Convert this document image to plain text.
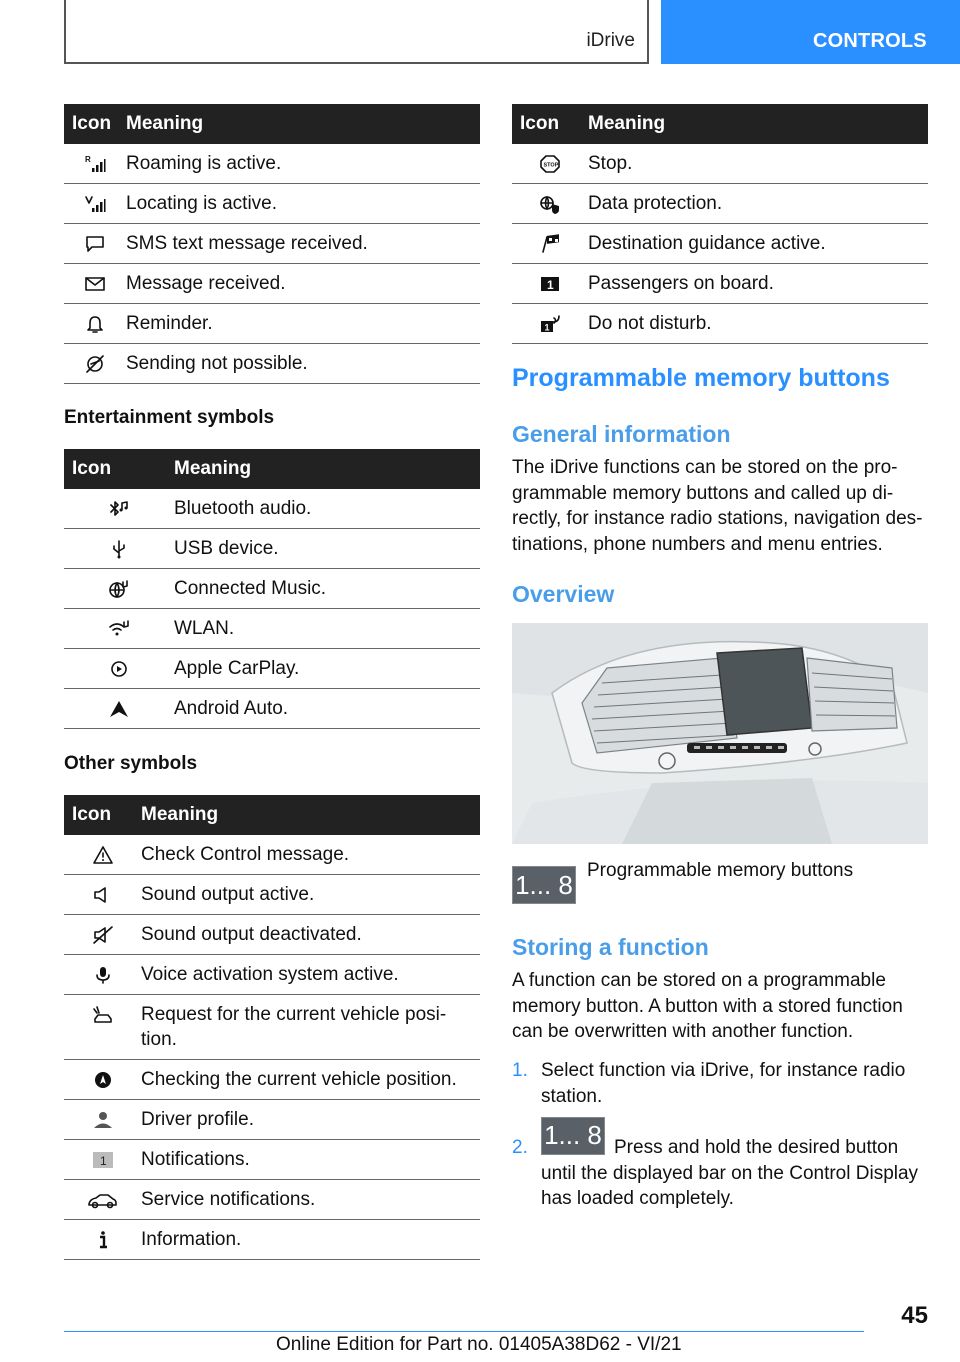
iDrive	CONTROLS
Icon Meaning
R Roaming is active.
Locating is active.
SMS text message received.
Message received.
Reminder.
Sending not possible.
Entertainment symbols
Icon	Meaning
Bluetooth audio.
USB device.
Connected Music.
WLAN.
Apple CarPlay.
Android Auto.
Other symbols
Icon	Meaning
Check Control message.
Sound output active.
Sound output deactivated.
Voice activation system active.
Request for the current vehicle posi-
tion.
Checking the current vehicle position.
Driver profile.
1 Notifications.
Service notifications.
Information.
Icon	Meaning
STOP Stop.
Data protection.
Destination guidance active.
1 Passengers on board.
1 Do not disturb.
Programmable memory buttons
General information
The iDrive functions can be stored on the pro-grammable memory buttons and called up di-rectly, for instance radio stations, navigation des-tinations, phone numbers and menu entries.
Overview
1... 8 Programmable memory buttons
Storing a function
A function can be stored on a programmable memory button. A button with a stored function can be overwritten with another function.
1. Select function via iDrive, for instance radio station.
2. 1... 8 Press and hold the desired button until the displayed bar on the Control Display has loaded completely.
45
Online Edition for Part no. 01405A38D62 - VI/21
